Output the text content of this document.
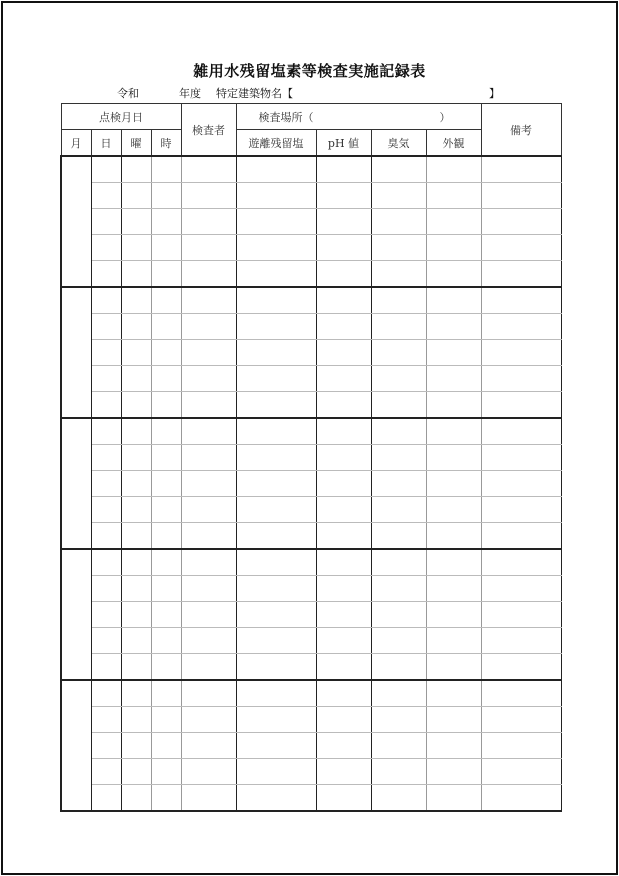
雑用水残留塩素等検査実施記録表
令和	年度 特定建築物名【	】
点検月日				検査者	検査場所（ ）				備考
月	日	曜	時		遊離残留塩	pH 値	臭気	外観	
